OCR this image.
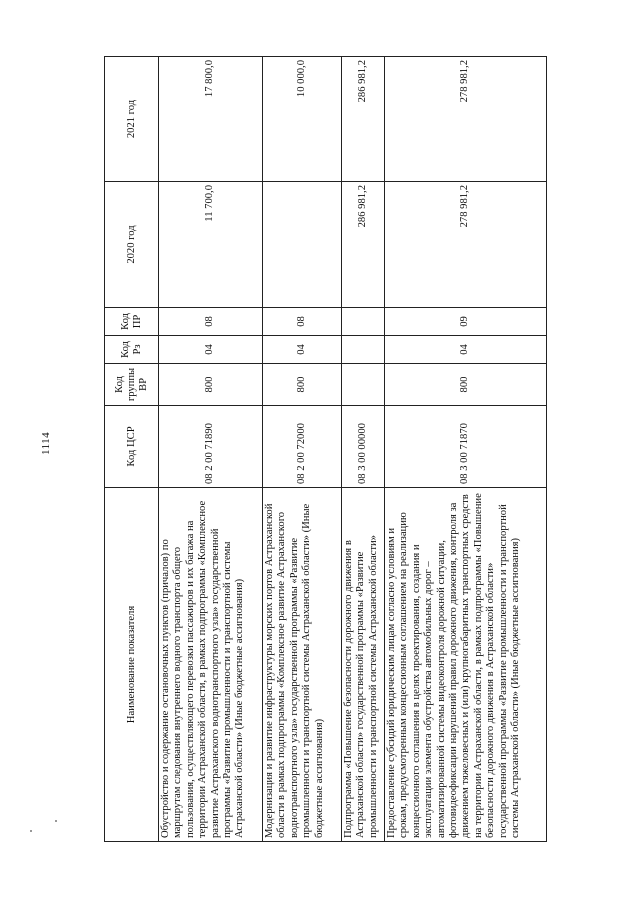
1114
Наименование показателя	Код ЦСР	Код группы ВР	Код Рз	Код ПР	2020 год	2021 год
Обустройство и содержание остановочных пунктов (причалов) по маршрутам следования внутреннего водного транспорта общего пользования, осуществляющего перевозки пассажиров и их багажа на территории Астраханской области, в рамках подпрограммы «Комплексное развитие Астраханского воднотранспортного узла» государственной программы «Развитие промышленности и транспортной системы Астраханской области» (Иные бюджетные ассигнования)	08 2 00 71890	800	04	08	11 700,0	17 800,0
Модернизация и развитие инфраструктуры морских портов Астраханской области в рамках подпрограммы «Комплексное развитие Астраханского воднотранспортного узла» государственной программы «Развитие промышленности и транспортной системы Астраханской области» (Иные бюджетные ассигнования)	08 2 00 72000	800	04	08		10 000,0
Подпрограмма «Повышение безопасности дорожного движения в Астраханской области» государственной программы «Развитие промышленности и транспортной системы Астраханской области»	08 3 00 00000				286 981,2	286 981,2
Предоставление субсидий юридическим лицам согласно условиям и срокам, предусмотренным концессионным соглашением на реализацию концессионного соглашения в целях проектирования, создания и эксплуатации элемента обустройства автомобильных дорог – автоматизированной системы видеоконтроля дорожной ситуации, фотовидеофиксации нарушений правил дорожного движения, контроля за движением тяжеловесных и (или) крупногабаритных транспортных средств на территории Астраханской области, в рамках подпрограммы «Повышение безопасности дорожного движения в Астраханской области» государственной программы «Развитие промышленности и транспортной системы Астраханской области» (Иные бюджетные ассигнования)	08 3 00 71870	800	04	09	278 981,2	278 981,2
